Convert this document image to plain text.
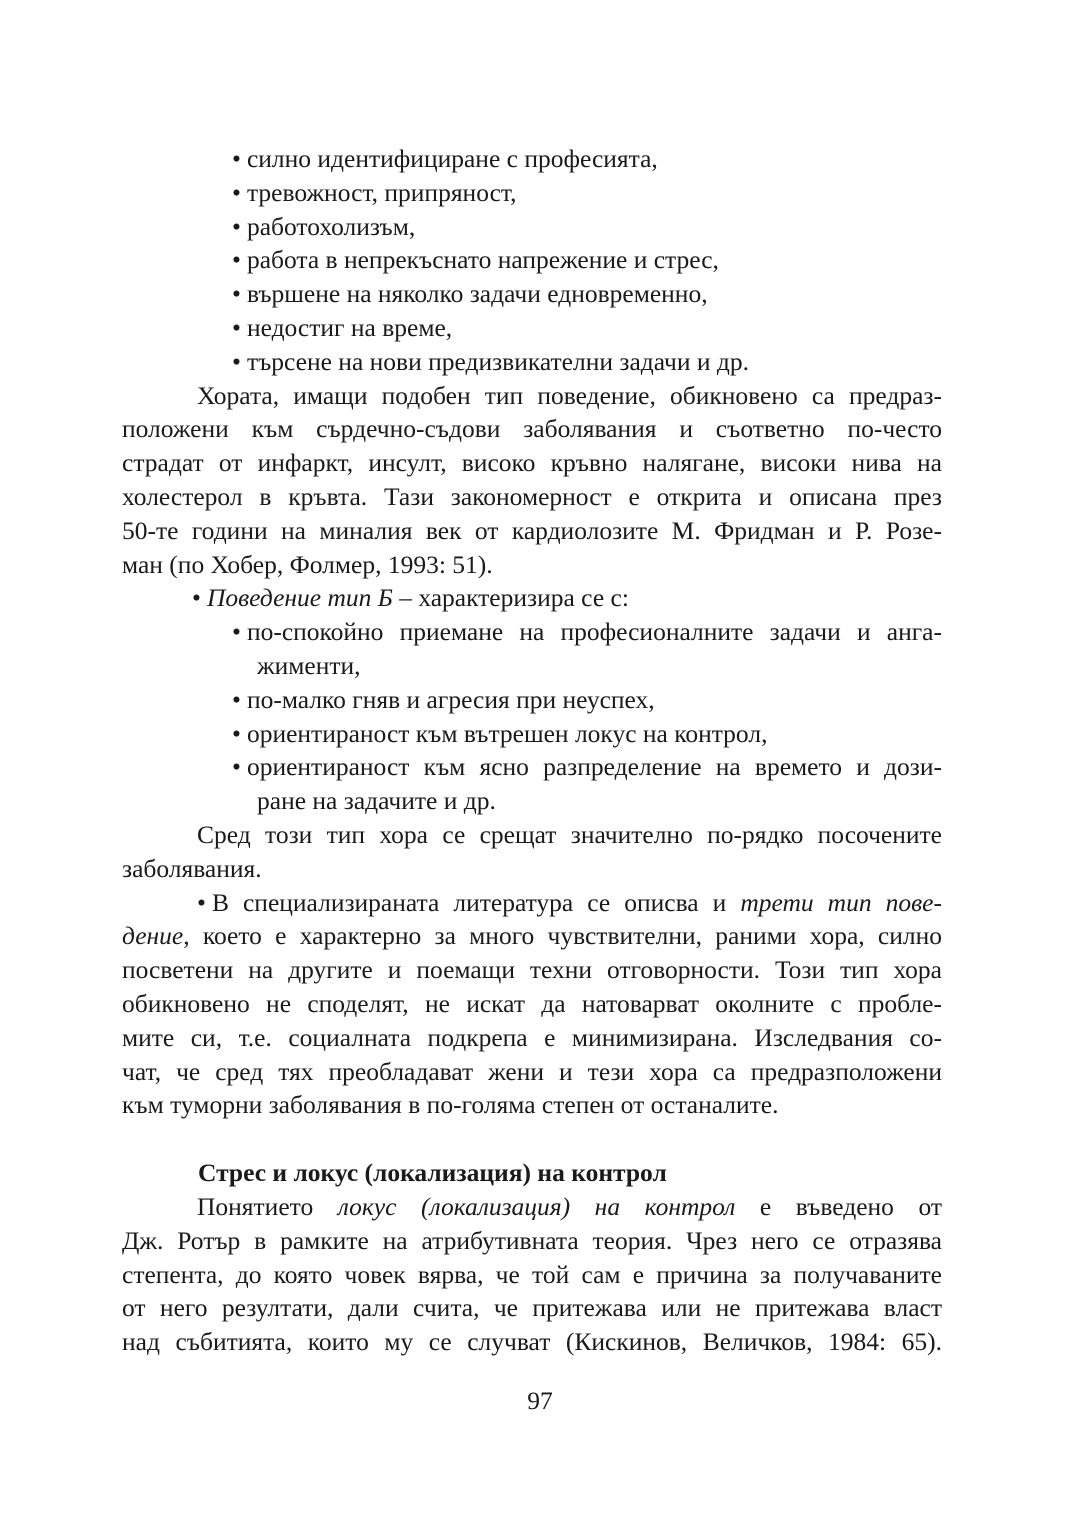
• силно идентифициране с професията,
• тревожност, припряност,
• работохолизъм,
• работа в непрекъснато напрежение и стрес,
• вършене на няколко задачи едновременно,
• недостиг на време,
• търсене на нови предизвикателни задачи и др.
Хората, имащи подобен тип поведение, обикновено са предраз-
положени към сърдечно-съдови заболявания и съответно по-често
страдат от инфаркт, инсулт, високо кръвно налягане, високи нива на
холестерол в кръвта. Тази закономерност е открита и описана през
50-те години на миналия век от кардиолозите М. Фридман и Р. Розе-
ман (по Хобер, Фолмер, 1993: 51).
• Поведение тип Б – характеризира се с:
• по-спокойно приемане на професионалните задачи и анга-
жименти,
• по-малко гняв и агресия при неуспех,
• ориентираност към вътрешен локус на контрол,
• ориентираност към ясно разпределение на времето и дози-
ране на задачите и др.
Сред този тип хора се срещат значително по-рядко посочените
заболявания.
• В специализираната литература се описва и трети тип пове-
дение, което е характерно за много чувствителни, раними хора, силно
посветени на другите и поемащи техни отговорности. Този тип хора
обикновено не споделят, не искат да натоварват околните с пробле-
мите си, т.е. социалната подкрепа е минимизирана. Изследвания со-
чат, че сред тях преобладават жени и тези хора са предразположени
към туморни заболявания в по-голяма степен от останалите.
Стрес и локус (локализация) на контрол
Понятието локус (локализация) на контрол е въведено от
Дж. Ротър в рамките на атрибутивната теория. Чрез него се отразява
степента, до която човек вярва, че той сам е причина за получаваните
от него резултати, дали счита, че притежава или не притежава власт
над събитията, които му се случват (Кискинов, Величков, 1984: 65).
97
